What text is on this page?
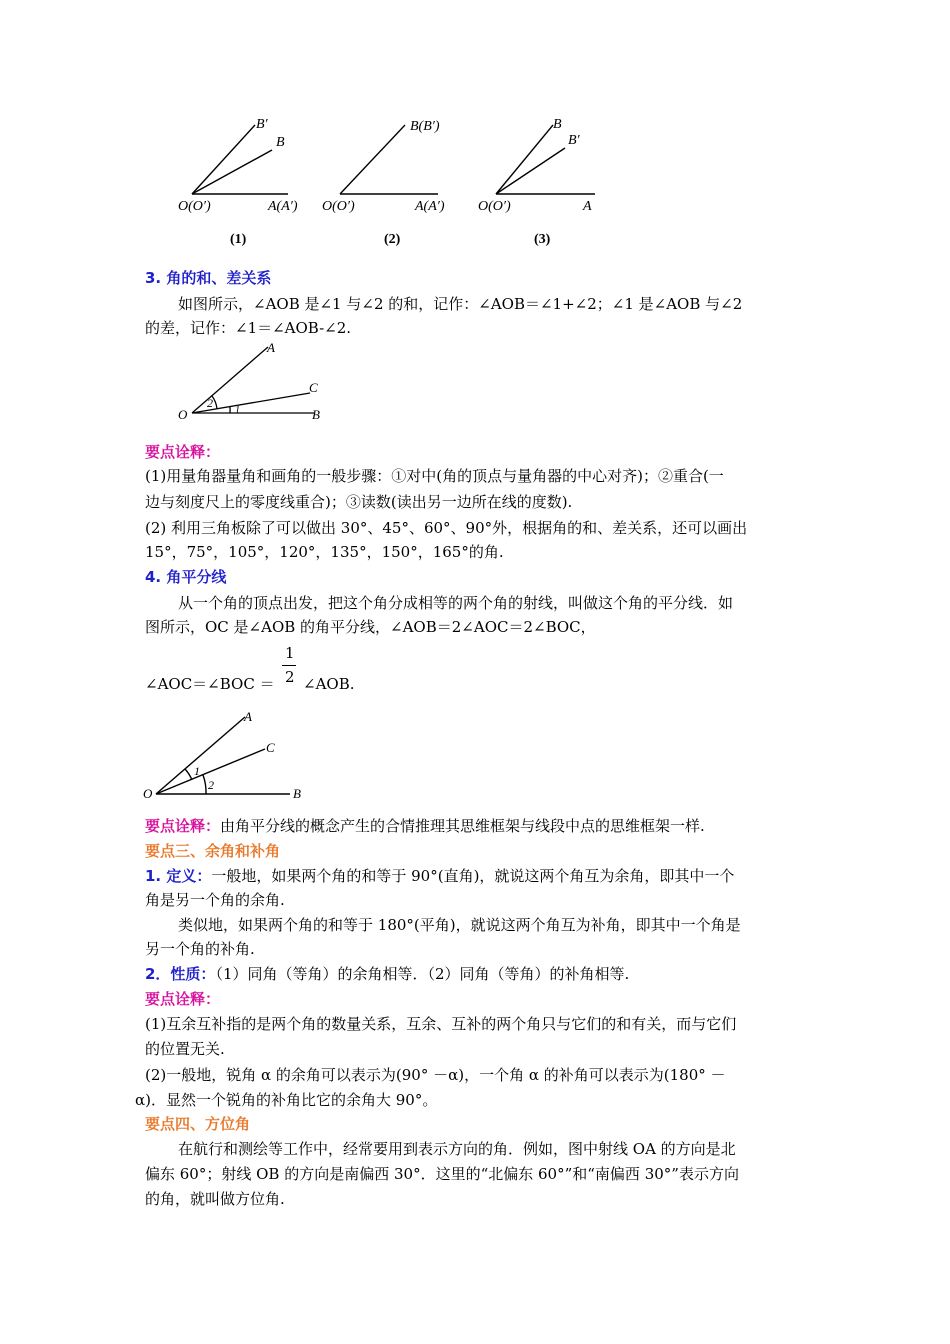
B′
B
O(O′)	A(A′)
(1)
B(B′)
O(O′)	A(A′)
(2)
B
B′
O(O′)	A
(3)
3. 角的和、差关系
如图所示，∠AOB 是∠1 与∠2 的和，记作：∠AOB＝∠1+∠2；∠1 是∠AOB 与∠2
的差，记作：∠1＝∠AOB-∠2.
A
C
O	B
2
1
要点诠释：
(1)用量角器量角和画角的一般步骤：①对中(角的顶点与量角器的中心对齐)；②重合(一
边与刻度尺上的零度线重合)；③读数(读出另一边所在线的度数).
(2) 利用三角板除了可以做出 30°、45°、60°、90°外，根据角的和、差关系，还可以画出
15°，75°，105°，120°，135°，150°，165°的角.
4. 角平分线
从一个角的顶点出发，把这个角分成相等的两个角的射线，叫做这个角的平分线．如
图所示，OC 是∠AOB 的角平分线，∠AOB＝2∠AOC＝2∠BOC，
∠AOC＝∠BOC ＝
1
2 ∠AOB.
A
C
O	B
1
2
要点诠释：由角平分线的概念产生的合情推理其思维框架与线段中点的思维框架一样.
要点三、余角和补角
1. 定义：一般地，如果两个角的和等于 90°(直角)，就说这两个角互为余角，即其中一个
角是另一个角的余角.
类似地，如果两个角的和等于 180°(平角)，就说这两个角互为补角，即其中一个角是
另一个角的补角.
2．性质：（1）同角（等角）的余角相等．（2）同角（等角）的补角相等.
要点诠释：
(1)互余互补指的是两个角的数量关系，互余、互补的两个角只与它们的和有关，而与它们
的位置无关.
(2)一般地，锐角 α 的余角可以表示为(90° －α)，一个角 α 的补角可以表示为(180° －
α)．显然一个锐角的补角比它的余角大 90°。
要点四、方位角
在航行和测绘等工作中，经常要用到表示方向的角．例如，图中射线 OA 的方向是北
偏东 60°；射线 OB 的方向是南偏西 30°．这里的“北偏东 60°”和“南偏西 30°”表示方向
的角，就叫做方位角.
